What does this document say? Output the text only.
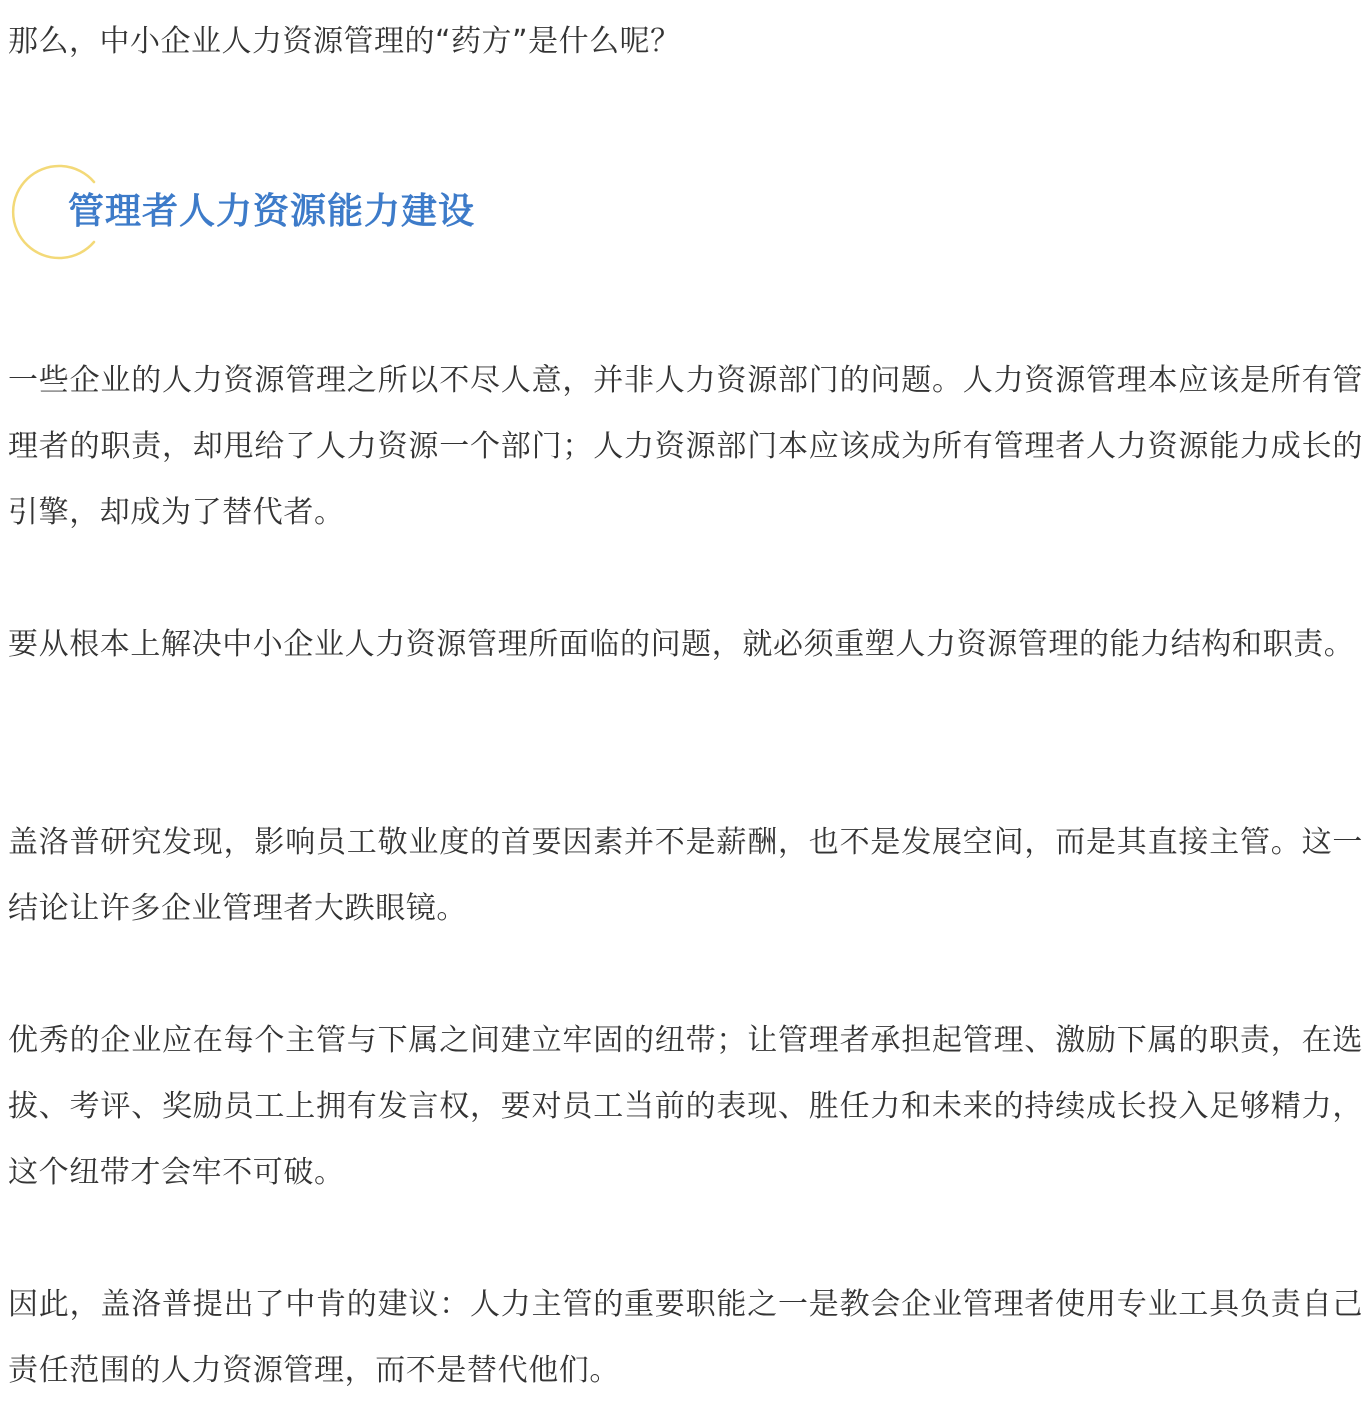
那么，中小企业人力资源管理的“药方”是什么呢？

管理者人力资源能力建设

一些企业的人力资源管理之所以不尽人意，并非人力资源部门的问题。人力资源管理本应该是所有管理者的职责，却甩给了人力资源一个部门；人力资源部门本应该成为所有管理者人力资源能力成长的引擎，却成为了替代者。

要从根本上解决中小企业人力资源管理所面临的问题，就必须重塑人力资源管理的能力结构和职责。

盖洛普研究发现，影响员工敬业度的首要因素并不是薪酬，也不是发展空间，而是其直接主管。这一结论让许多企业管理者大跌眼镜。

优秀的企业应在每个主管与下属之间建立牢固的纽带；让管理者承担起管理、激励下属的职责，在选拔、考评、奖励员工上拥有发言权，要对员工当前的表现、胜任力和未来的持续成长投入足够精力，这个纽带才会牢不可破。

因此，盖洛普提出了中肯的建议：人力主管的重要职能之一是教会企业管理者使用专业工具负责自己责任范围的人力资源管理，而不是替代他们。
